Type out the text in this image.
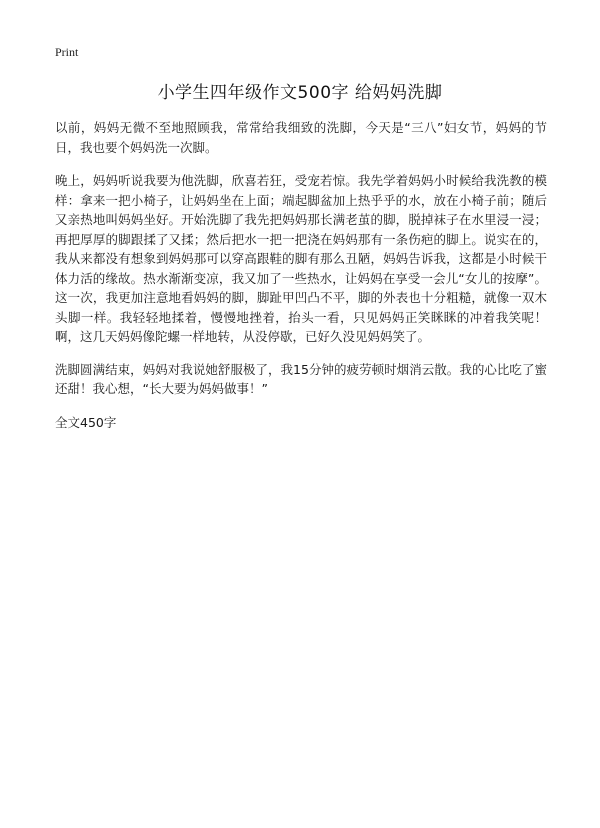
Print
小学生四年级作文500字 给妈妈洗脚

以前，妈妈无微不至地照顾我，常常给我细致的洗脚，今天是“三八”妇女节，妈妈的节日，我也要个妈妈洗一次脚。

晚上，妈妈听说我要为他洗脚，欣喜若狂，受宠若惊。我先学着妈妈小时候给我洗教的模样：拿来一把小椅子，让妈妈坐在上面；端起脚盆加上热乎乎的水，放在小椅子前；随后又亲热地叫妈妈坐好。开始洗脚了我先把妈妈那长满老茧的脚，脱掉袜子在水里浸一浸；再把厚厚的脚跟揉了又揉；然后把水一把一把浇在妈妈那有一条伤疤的脚上。说实在的，我从来都没有想象到妈妈那可以穿高跟鞋的脚有那么丑陋，妈妈告诉我，这都是小时候干体力活的缘故。热水渐渐变凉，我又加了一些热水，让妈妈在享受一会儿“女儿的按摩”。这一次，我更加注意地看妈妈的脚，脚趾甲凹凸不平，脚的外表也十分粗糙，就像一双木头脚一样。我轻轻地揉着，慢慢地挫着，抬头一看，只见妈妈正笑眯眯的冲着我笑呢！啊，这几天妈妈像陀螺一样地转，从没停歇，已好久没见妈妈笑了。

洗脚圆满结束，妈妈对我说她舒服极了，我15分钟的疲劳顿时烟消云散。我的心比吃了蜜还甜！我心想，“长大要为妈妈做事！”

全文450字
